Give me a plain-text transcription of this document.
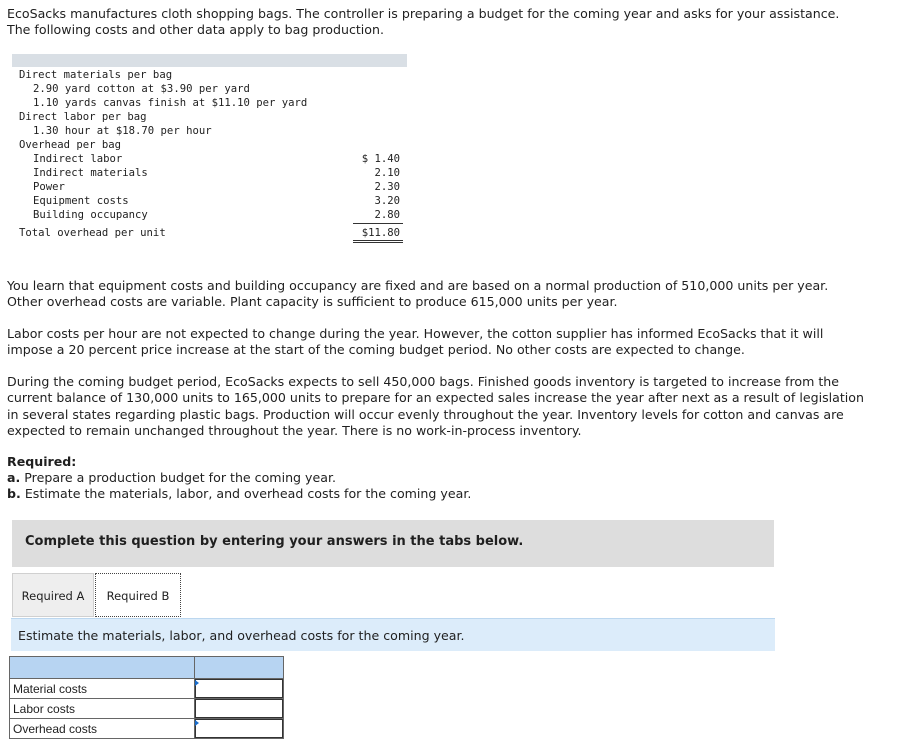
EcoSacks manufactures cloth shopping bags. The controller is preparing a budget for the coming year and asks for your assistance.
The following costs and other data apply to bag production.

Direct materials per bag
2.90 yard cotton at $3.90 per yard
1.10 yards canvas finish at $11.10 per yard
Direct labor per bag
1.30 hour at $18.70 per hour
Overhead per bag
Indirect labor	$ 1.40
Indirect materials	2.10
Power	2.30
Equipment costs	3.20
Building occupancy	2.80
Total overhead per unit	$11.80

You learn that equipment costs and building occupancy are fixed and are based on a normal production of 510,000 units per year.
Other overhead costs are variable. Plant capacity is sufficient to produce 615,000 units per year.

Labor costs per hour are not expected to change during the year. However, the cotton supplier has informed EcoSacks that it will
impose a 20 percent price increase at the start of the coming budget period. No other costs are expected to change.

During the coming budget period, EcoSacks expects to sell 450,000 bags. Finished goods inventory is targeted to increase from the
current balance of 130,000 units to 165,000 units to prepare for an expected sales increase the year after next as a result of legislation
in several states regarding plastic bags. Production will occur evenly throughout the year. Inventory levels for cotton and canvas are
expected to remain unchanged throughout the year. There is no work-in-process inventory.

Required:

a. Prepare a production budget for the coming year.
b. Estimate the materials, labor, and overhead costs for the coming year.

Complete this question by entering your answers in the tabs below.
Required A	Required B
Estimate the materials, labor, and overhead costs for the coming year.

Material costs	

Labor costs	
Overhead costs	
